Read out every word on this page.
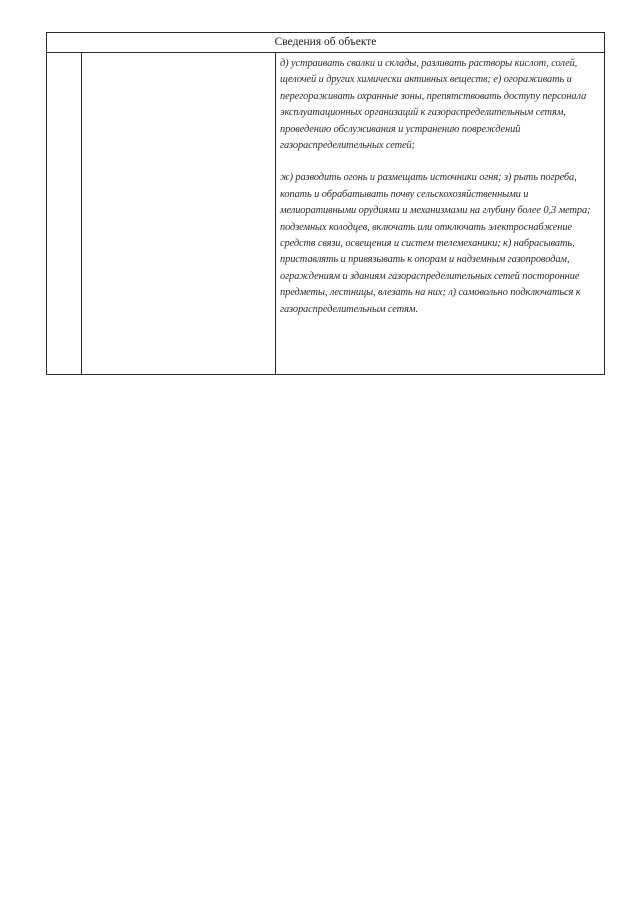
Сведения об объекте

д) устраивать свалки и склады, разливать растворы кислот, солей, щелочей и других химически активных веществ; е) огораживать и перегораживать охранные зоны, препятствовать доступу персонала эксплуатационных организаций к газораспределительным сетям, проведению обслуживания и устранению повреждений газораспределительных сетей;

ж) разводить огонь и размещать источники огня; з) рыть погреба, копать и обрабатывать почву сельскохозяйственными и мелиоративными орудиями и механизмами на глубину более 0,3 метра; подземных колодцев, включать или отключать электроснабжение средств связи, освещения и систем телемеханики; к) набрасывать, приставлять и привязывать к опорам и надземным газопроводам, ограждениям и зданиям газораспределительных сетей посторонние предметы, лестницы, влезать на них; л) самовольно подключаться к газораспределительным сетям.
